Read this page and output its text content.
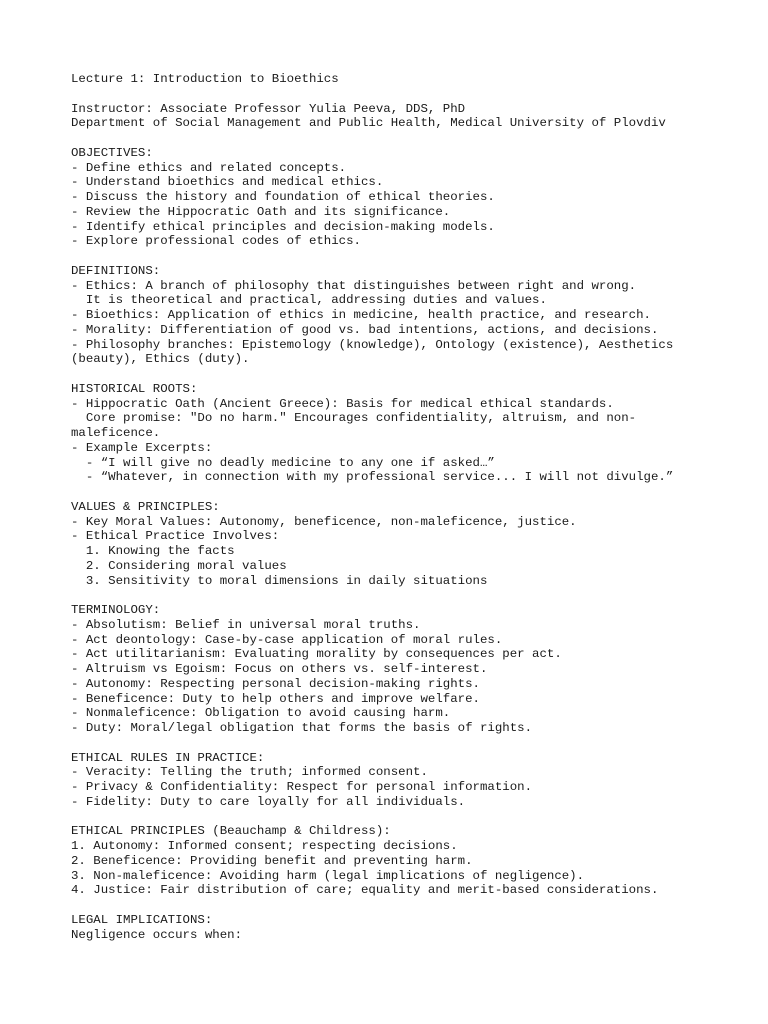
Lecture 1: Introduction to Bioethics
Instructor: Associate Professor Yulia Peeva, DDS, PhD
Department of Social Management and Public Health, Medical University of Plovdiv
OBJECTIVES:
- Define ethics and related concepts.
- Understand bioethics and medical ethics.
- Discuss the history and foundation of ethical theories.
- Review the Hippocratic Oath and its significance.
- Identify ethical principles and decision-making models.
- Explore professional codes of ethics.
DEFINITIONS:
- Ethics: A branch of philosophy that distinguishes between right and wrong.
It is theoretical and practical, addressing duties and values.
- Bioethics: Application of ethics in medicine, health practice, and research.
- Morality: Differentiation of good vs. bad intentions, actions, and decisions.
- Philosophy branches: Epistemology (knowledge), Ontology (existence), Aesthetics
(beauty), Ethics (duty).
HISTORICAL ROOTS:
- Hippocratic Oath (Ancient Greece): Basis for medical ethical standards.
Core promise: "Do no harm." Encourages confidentiality, altruism, and non-
maleficence.
- Example Excerpts:
- “I will give no deadly medicine to any one if asked…”
- “Whatever, in connection with my professional service... I will not divulge.”
VALUES & PRINCIPLES:
- Key Moral Values: Autonomy, beneficence, non-maleficence, justice.
- Ethical Practice Involves:
1. Knowing the facts
2. Considering moral values
3. Sensitivity to moral dimensions in daily situations
TERMINOLOGY:
- Absolutism: Belief in universal moral truths.
- Act deontology: Case-by-case application of moral rules.
- Act utilitarianism: Evaluating morality by consequences per act.
- Altruism vs Egoism: Focus on others vs. self-interest.
- Autonomy: Respecting personal decision-making rights.
- Beneficence: Duty to help others and improve welfare.
- Nonmaleficence: Obligation to avoid causing harm.
- Duty: Moral/legal obligation that forms the basis of rights.
ETHICAL RULES IN PRACTICE:
- Veracity: Telling the truth; informed consent.
- Privacy & Confidentiality: Respect for personal information.
- Fidelity: Duty to care loyally for all individuals.
ETHICAL PRINCIPLES (Beauchamp & Childress):
1. Autonomy: Informed consent; respecting decisions.
2. Beneficence: Providing benefit and preventing harm.
3. Non-maleficence: Avoiding harm (legal implications of negligence).
4. Justice: Fair distribution of care; equality and merit-based considerations.
LEGAL IMPLICATIONS:
Negligence occurs when:
